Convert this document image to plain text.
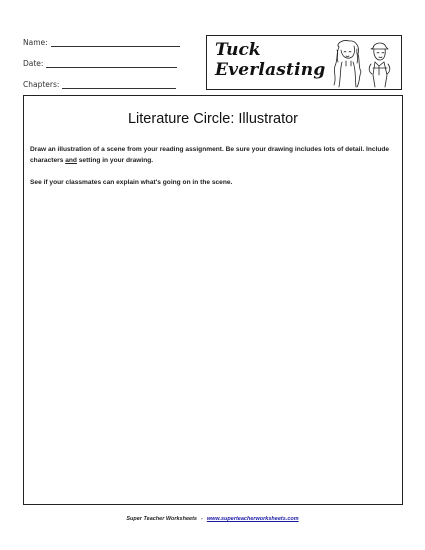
Name:
Date:
Chapters:
Tuck
Everlasting
Literature Circle: Illustrator

Draw an illustration of a scene from your reading assignment. Be sure your drawing includes lots of detail. Include characters and setting in your drawing.

See if your classmates can explain what's going on in the scene.

Super Teacher Worksheets - www.superteacherworksheets.com
